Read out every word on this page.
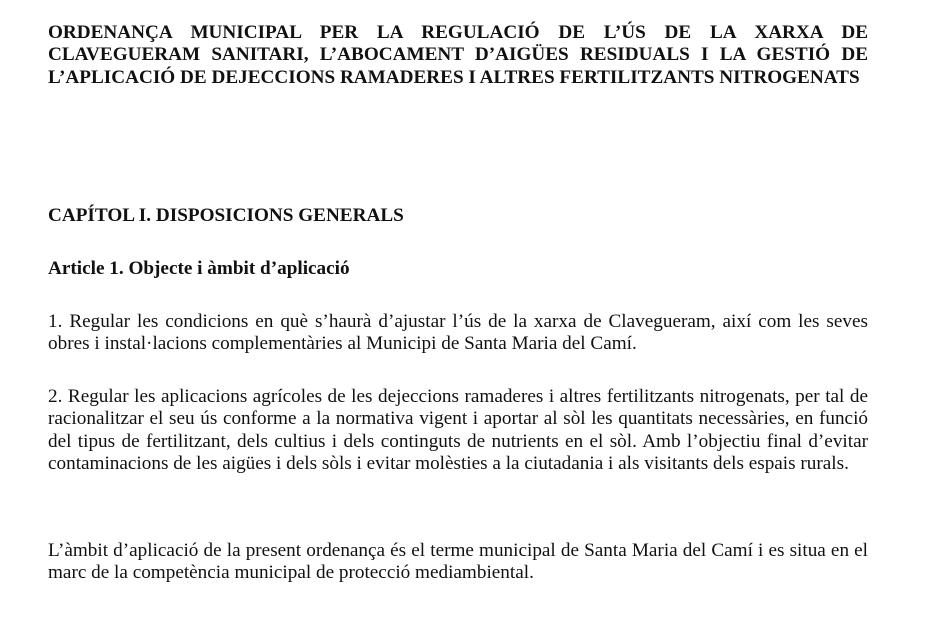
ORDENANÇA MUNICIPAL PER LA REGULACIÓ DE L’ÚS DE LA XARXA DE CLAVEGUERAM SANITARI, L’ABOCAMENT D’AIGÜES RESIDUALS I LA GESTIÓ DE L’APLICACIÓ DE DEJECCIONS RAMADERES I ALTRES FERTILITZANTS NITROGENATS

CAPÍTOL I. DISPOSICIONS GENERALS

Article 1. Objecte i àmbit d’aplicació

1. Regular les condicions en què s’haurà d’ajustar l’ús de la xarxa de Clavegueram, així com les seves obres i instal·lacions complementàries al Municipi de Santa Maria del Camí.

2. Regular les aplicacions agrícoles de les dejeccions ramaderes i altres fertilitzants nitrogenats, per tal de racionalitzar el seu ús conforme a la normativa vigent i aportar al sòl les quantitats necessàries, en funció del tipus de fertilitzant, dels cultius i dels continguts de nutrients en el sòl. Amb l’objectiu final d’evitar contaminacions de les aigües i dels sòls i evitar molèsties a la ciutadania i als visitants dels espais rurals.

L’àmbit d’aplicació de la present ordenança és el terme municipal de Santa Maria del Camí i es situa en el marc de la competència municipal de protecció mediambiental.
